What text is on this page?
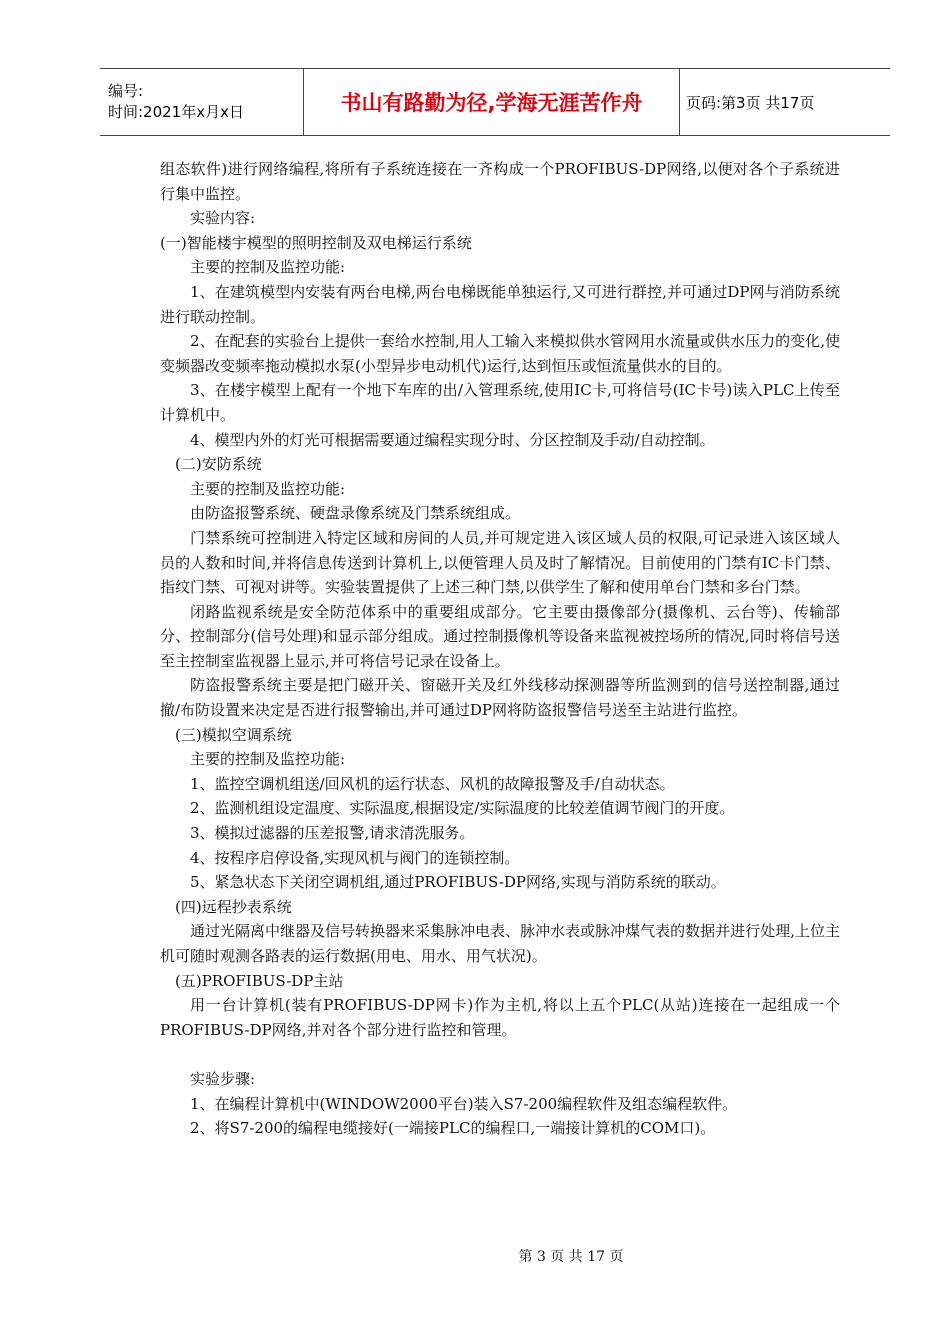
编号:
时间:2021年x月x日	书山有路勤为径,学海无涯苦作舟	页码:第3页 共17页

组态软件)进行网络编程,将所有子系统连接在一齐构成一个PROFIBUS-DP网络,以便对各个子系统进行集中监控。

实验内容:

(一)智能楼宇模型的照明控制及双电梯运行系统

主要的控制及监控功能:

1、在建筑模型内安装有两台电梯,两台电梯既能单独运行,又可进行群控,并可通过DP网与消防系统进行联动控制。

2、在配套的实验台上提供一套给水控制,用人工输入来模拟供水管网用水流量或供水压力的变化,使变频器改变频率拖动模拟水泵(小型异步电动机代)运行,达到恒压或恒流量供水的目的。

3、在楼宇模型上配有一个地下车库的出/入管理系统,使用IC卡,可将信号(IC卡号)读入PLC上传至计算机中。

4、模型内外的灯光可根据需要通过编程实现分时、分区控制及手动/自动控制。

(二)安防系统

主要的控制及监控功能:

由防盗报警系统、硬盘录像系统及门禁系统组成。

门禁系统可控制进入特定区域和房间的人员,并可规定进入该区域人员的权限,可记录进入该区域人员的人数和时间,并将信息传送到计算机上,以便管理人员及时了解情况。目前使用的门禁有IC卡门禁、指纹门禁、可视对讲等。实验装置提供了上述三种门禁,以供学生了解和使用单台门禁和多台门禁。

闭路监视系统是安全防范体系中的重要组成部分。它主要由摄像部分(摄像机、云台等)、传输部分、控制部分(信号处理)和显示部分组成。通过控制摄像机等设备来监视被控场所的情况,同时将信号送至主控制室监视器上显示,并可将信号记录在设备上。

防盗报警系统主要是把门磁开关、窗磁开关及红外线移动探测器等所监测到的信号送控制器,通过撤/布防设置来决定是否进行报警输出,并可通过DP网将防盗报警信号送至主站进行监控。

(三)模拟空调系统

主要的控制及监控功能:

1、监控空调机组送/回风机的运行状态、风机的故障报警及手/自动状态。

2、监测机组设定温度、实际温度,根据设定/实际温度的比较差值调节阀门的开度。

3、模拟过滤器的压差报警,请求清洗服务。

4、按程序启停设备,实现风机与阀门的连锁控制。

5、紧急状态下关闭空调机组,通过PROFIBUS-DP网络,实现与消防系统的联动。

(四)远程抄表系统

通过光隔离中继器及信号转换器来采集脉冲电表、脉冲水表或脉冲煤气表的数据并进行处理,上位主机可随时观测各路表的运行数据(用电、用水、用气状况)。

(五)PROFIBUS-DP主站

用一台计算机(装有PROFIBUS-DP网卡)作为主机,将以上五个PLC(从站)连接在一起组成一个PROFIBUS-DP网络,并对各个部分进行监控和管理。

实验步骤:

1、在编程计算机中(WINDOW2000平台)装入S7-200编程软件及组态编程软件。

2、将S7-200的编程电缆接好(一端接PLC的编程口,一端接计算机的COM口)。

第 3 页 共 17 页
